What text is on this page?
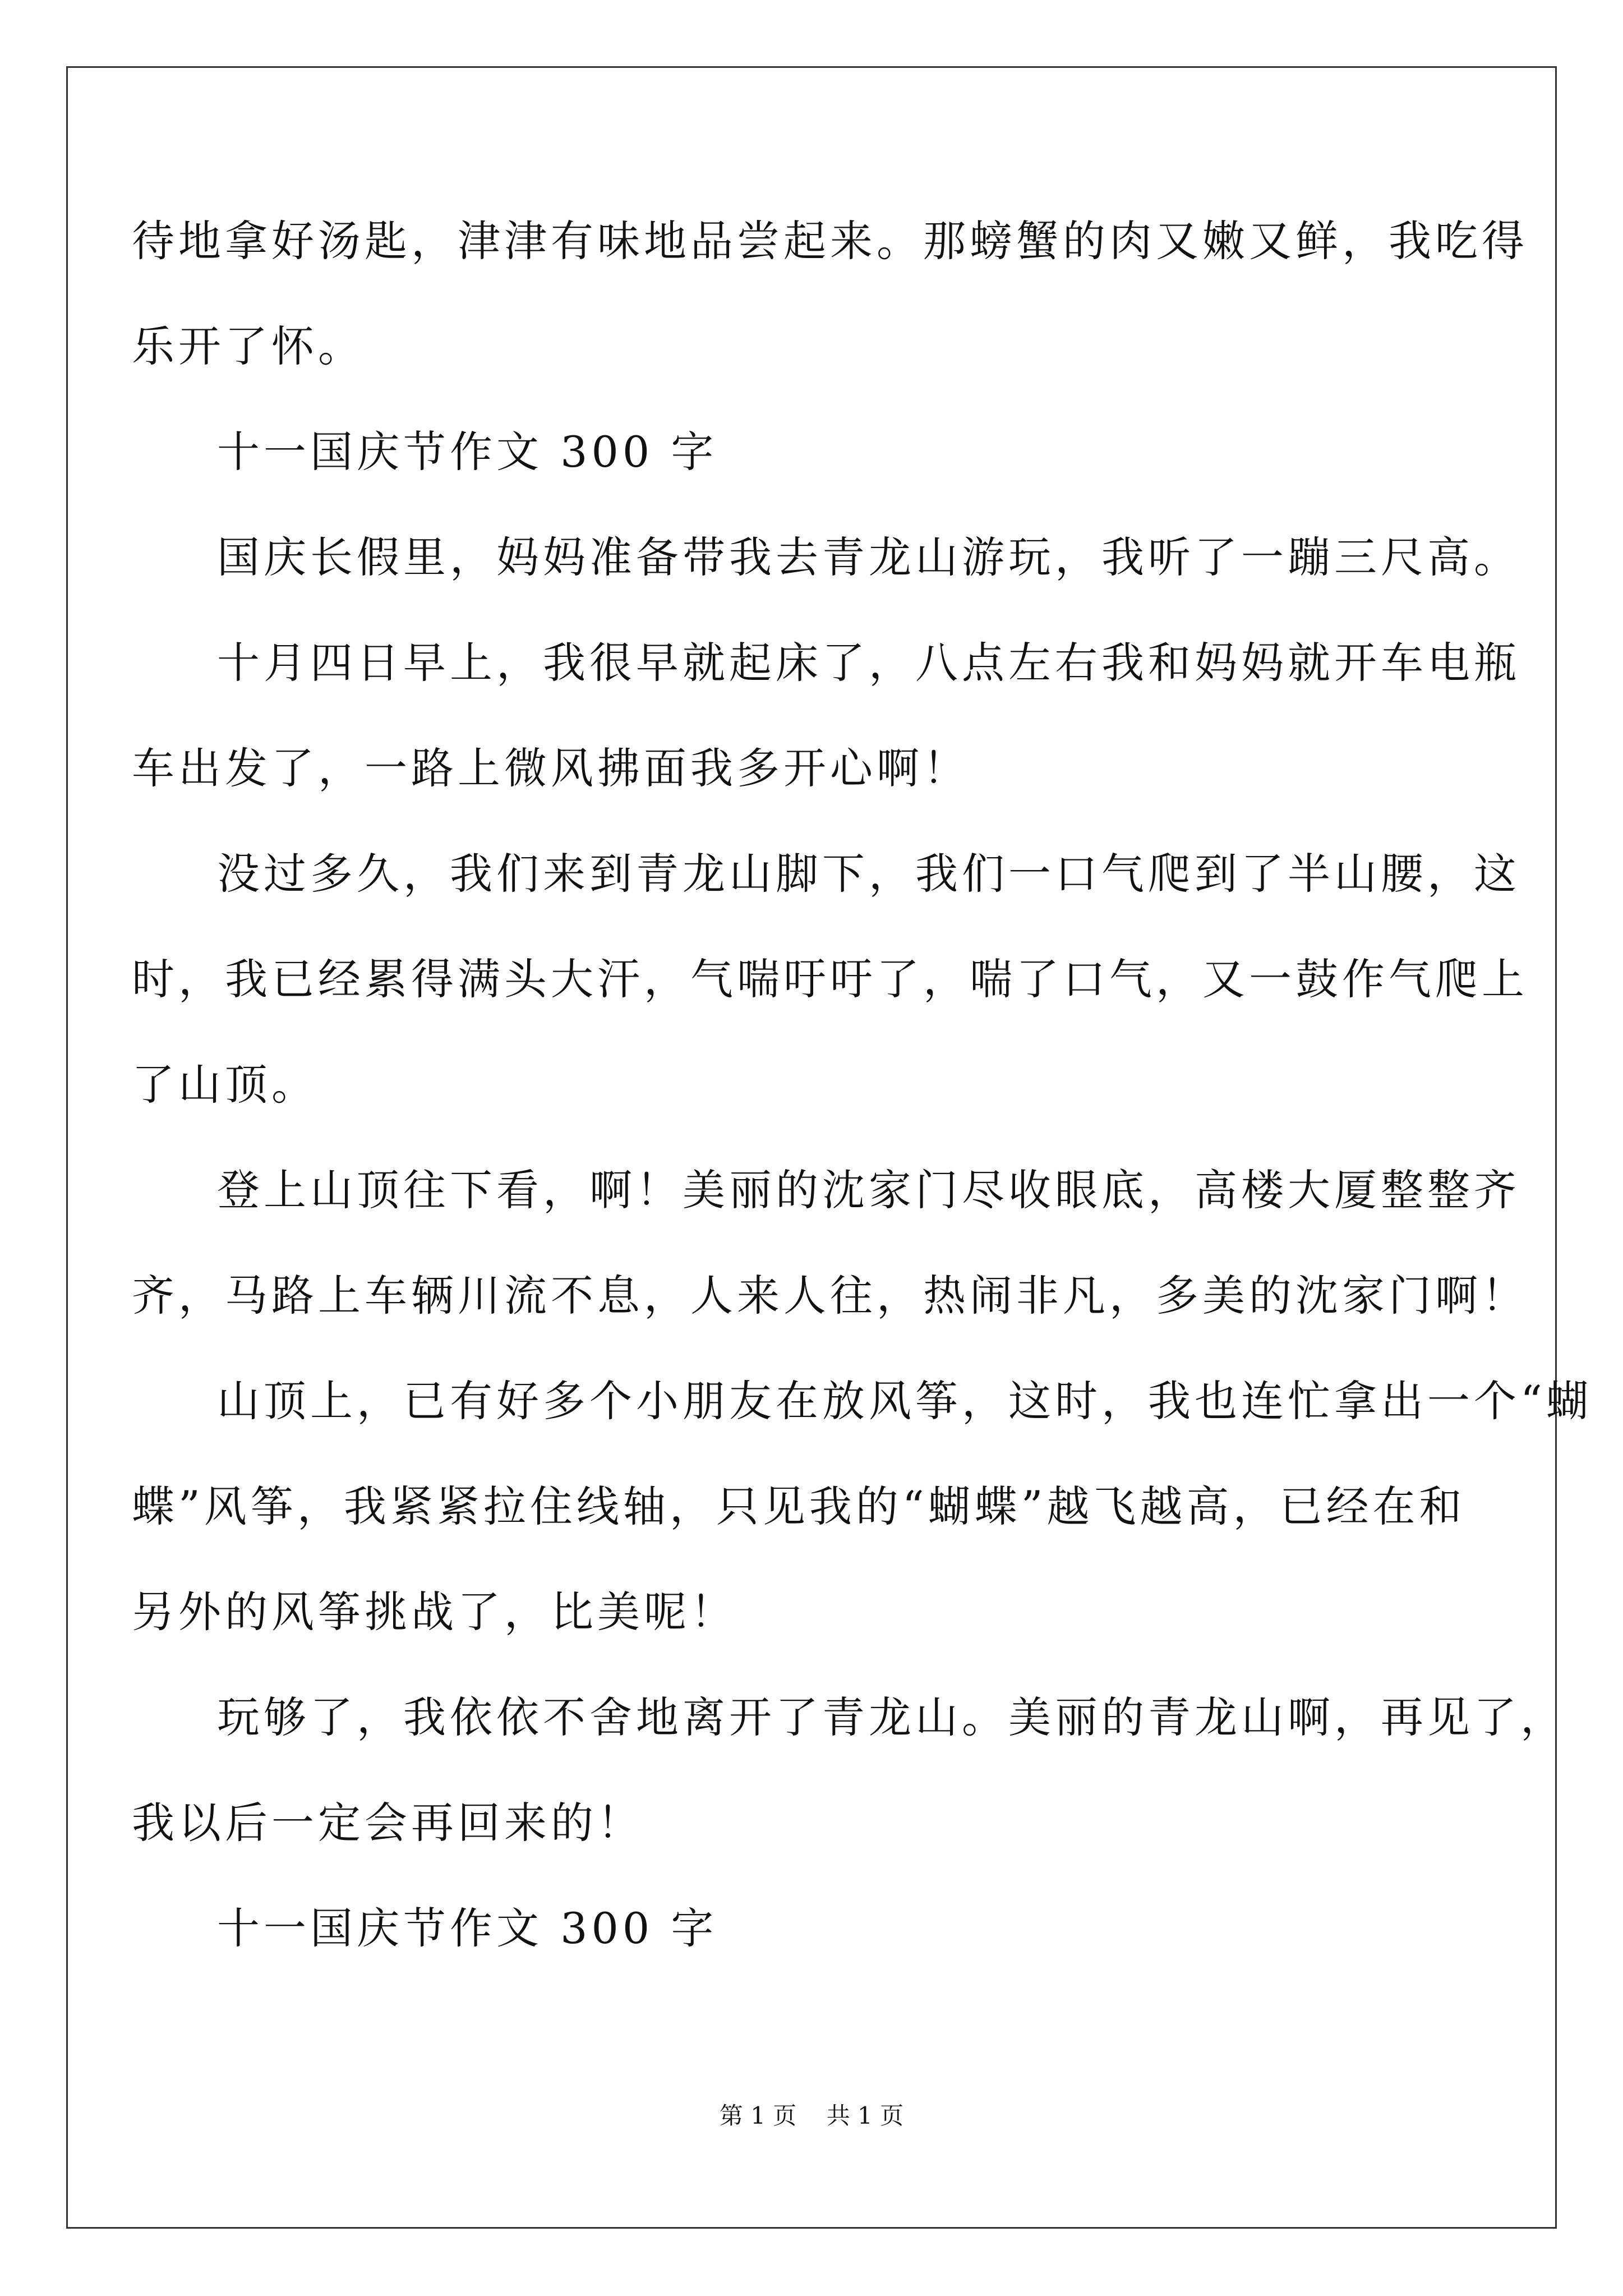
待地拿好汤匙，津津有味地品尝起来。那螃蟹的肉又嫩又鲜，我吃得
乐开了怀。
十一国庆节作文 300 字
国庆长假里，妈妈准备带我去青龙山游玩，我听了一蹦三尺高。
十月四日早上，我很早就起床了，八点左右我和妈妈就开车电瓶
车出发了，一路上微风拂面我多开心啊！
没过多久，我们来到青龙山脚下，我们一口气爬到了半山腰，这
时，我已经累得满头大汗，气喘吁吁了，喘了口气，又一鼓作气爬上
了山顶。
登上山顶往下看，啊！美丽的沈家门尽收眼底，高楼大厦整整齐
齐，马路上车辆川流不息，人来人往，热闹非凡，多美的沈家门啊！
山顶上，已有好多个小朋友在放风筝，这时，我也连忙拿出一个“蝴
蝶”风筝，我紧紧拉住线轴，只见我的“蝴蝶”越飞越高，已经在和
另外的风筝挑战了，比美呢！
玩够了，我依依不舍地离开了青龙山。美丽的青龙山啊，再见了，
我以后一定会再回来的！
十一国庆节作文 300 字
第 1 页    共 1 页
